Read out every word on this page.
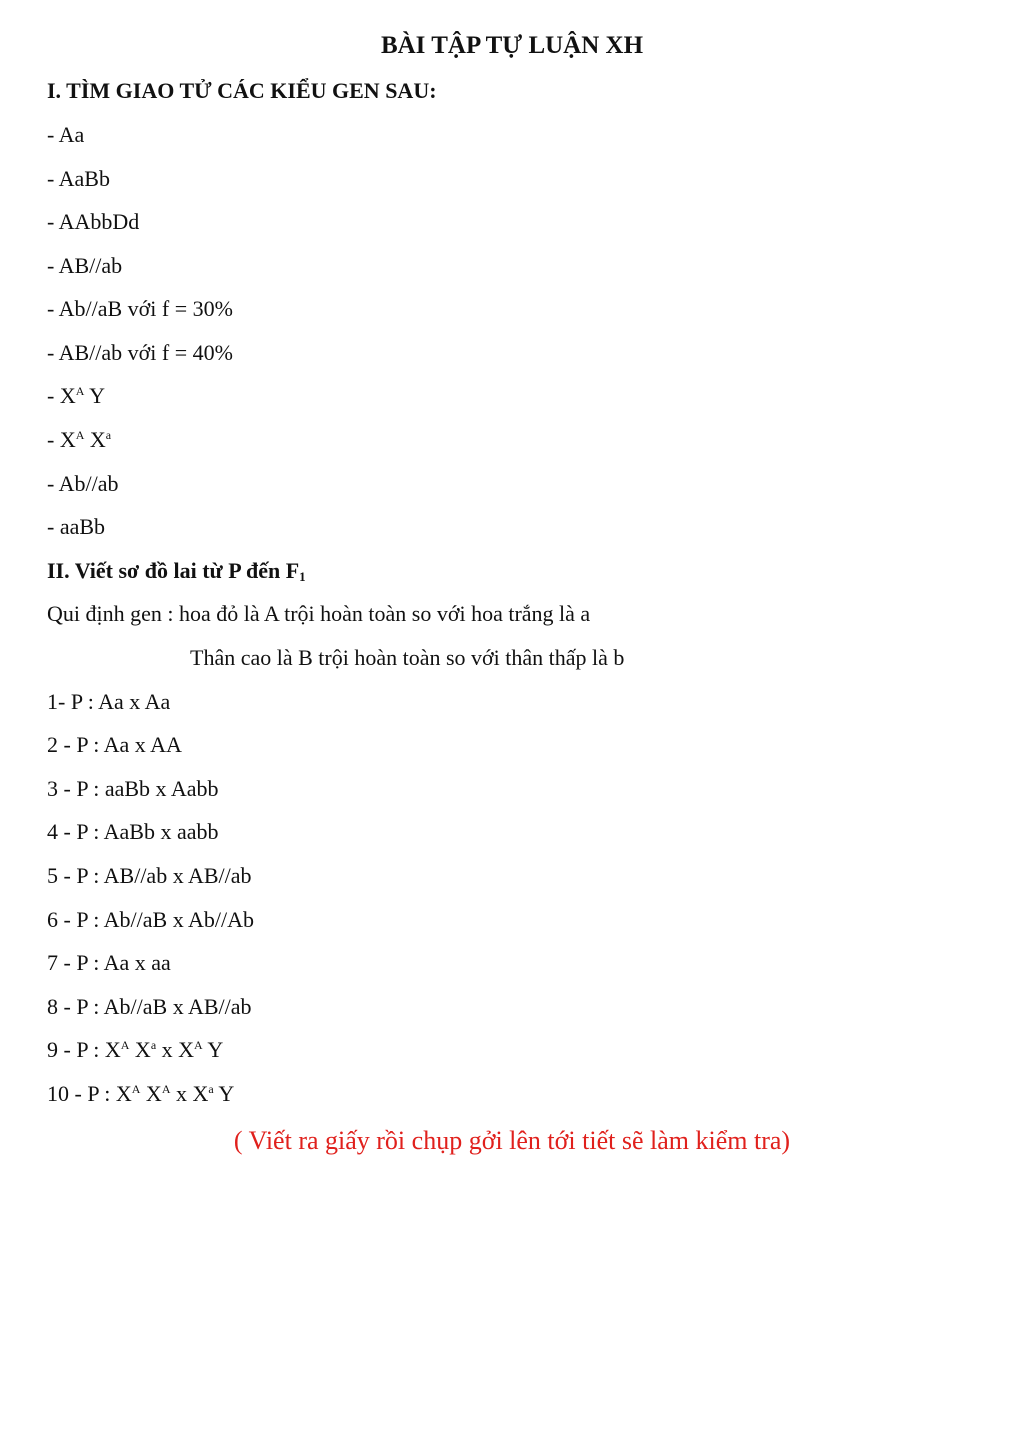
BÀI TẬP TỰ LUẬN XH
I. TÌM GIAO TỬ CÁC KIỂU GEN SAU:
- Aa
- AaBb
- AAbbDd
- AB//ab
- Ab//aB với f = 30%
- AB//ab với f = 40%
- $X^A$ Y
- $X^A$ $X^a$
- Ab//ab
- aaBb
II. Viết sơ đồ lai từ P đến $F_1$
Qui định gen : hoa đỏ là A trội hoàn toàn so với hoa trắng là a
Thân cao là B trội hoàn toàn so với thân thấp là b
1- P : Aa x Aa
2 - P : Aa x AA
3 - P : aaBb x Aabb
4 - P : AaBb x aabb
5 - P : AB//ab x AB//ab
6 - P : Ab//aB x Ab//Ab
7 - P : Aa x aa
8 - P : Ab//aB x AB//ab
9 - P : $X^A$ $X^a$ x $X^A$ Y
10 - P : $X^A$ $X^A$ x $X^a$ Y
( Viết ra giấy rồi chụp gởi lên tới tiết sẽ làm kiểm tra)
